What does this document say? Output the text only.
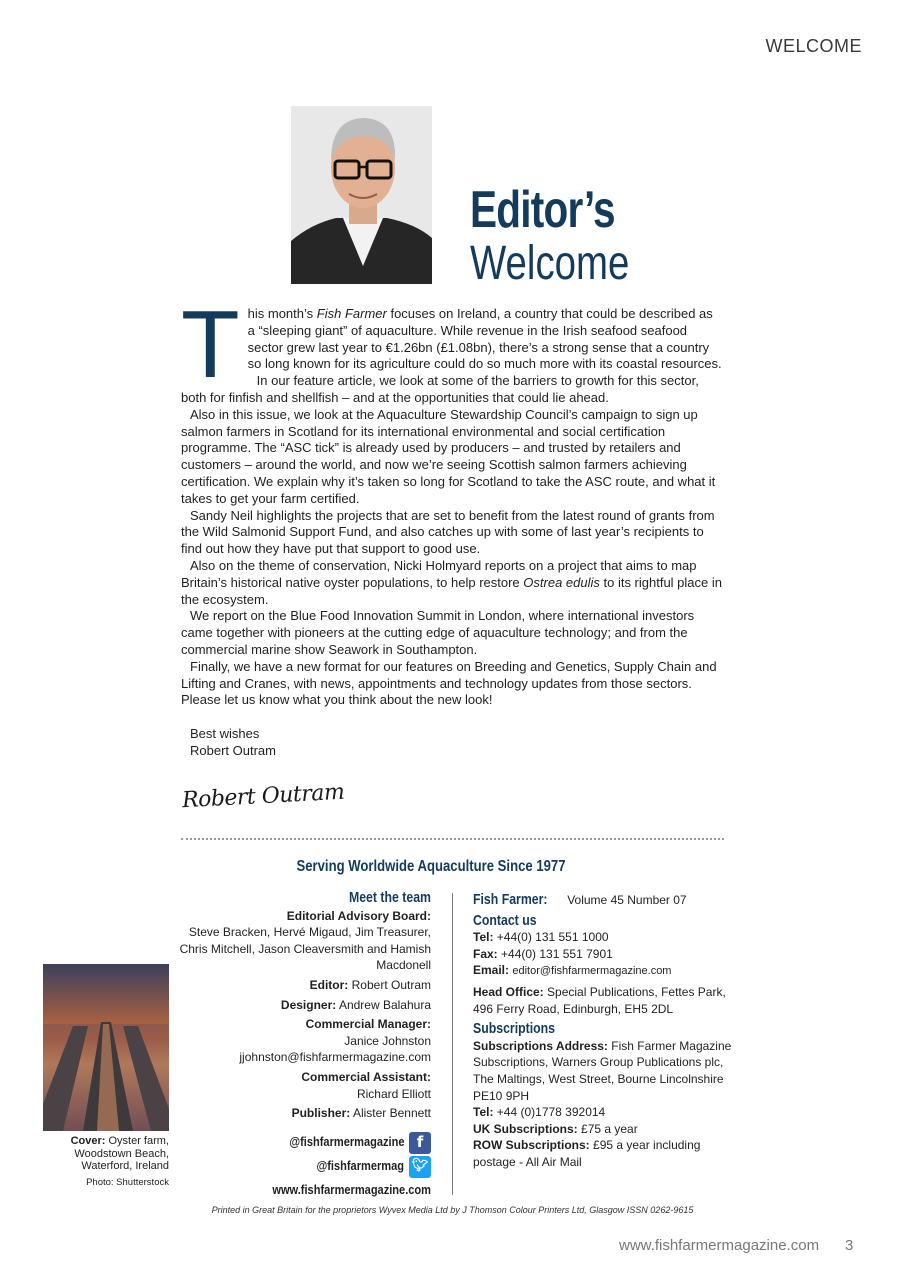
WELCOME
Editor’s
Welcome
T his month’s Fish Farmer focuses on Ireland, a country that could be described as a “sleeping giant” of aquaculture. While revenue in the Irish seafood seafood sector grew last year to €1.26bn (£1.08bn), there’s a strong sense that a country so long known for its agriculture could do so much more with its coastal resources.

In our feature article, we look at some of the barriers to growth for this sector, both for finfish and shellfish – and at the opportunities that could lie ahead.

Also in this issue, we look at the Aquaculture Stewardship Council’s campaign to sign up salmon farmers in Scotland for its international environmental and social certification programme. The “ASC tick” is already used by producers – and trusted by retailers and customers – around the world, and now we’re seeing Scottish salmon farmers achieving certification. We explain why it’s taken so long for Scotland to take the ASC route, and what it takes to get your farm certified.

Sandy Neil highlights the projects that are set to benefit from the latest round of grants from the Wild Salmonid Support Fund, and also catches up with some of last year’s recipients to find out how they have put that support to good use.

Also on the theme of conservation, Nicki Holmyard reports on a project that aims to map Britain’s historical native oyster populations, to help restore Ostrea edulis to its rightful place in the ecosystem.

We report on the Blue Food Innovation Summit in London, where international investors came together with pioneers at the cutting edge of aquaculture technology; and from the commercial marine show Seawork in Southampton.

Finally, we have a new format for our features on Breeding and Genetics, Supply Chain and Lifting and Cranes, with news, appointments and technology updates from those sectors. Please let us know what you think about the new look!

Best wishes

Robert Outram

Robert Outram
Serving Worldwide Aquaculture Since 1977
Meet the team
Editorial Advisory Board:
Steve Bracken, Hervé Migaud, Jim Treasurer, Chris Mitchell, Jason Cleaversmith and Hamish Macdonell
Editor: Robert Outram
Designer: Andrew Balahura
Commercial Manager:
Janice Johnston
jjohnston@fishfarmermagazine.com
Commercial Assistant:
Richard Elliott
Publisher: Alister Bennett
@fishfarmermagazine f
@fishfarmermag 🐦︎
www.fishfarmermagazine.com
Fish Farmer: Volume 45 Number 07
Contact us
Tel: +44(0) 131 551 1000
Fax: +44(0) 131 551 7901
Email: editor@fishfarmermagazine.com
Head Office: Special Publications, Fettes Park, 496 Ferry Road, Edinburgh, EH5 2DL
Subscriptions
Subscriptions Address: Fish Farmer Magazine Subscriptions, Warners Group Publications plc, The Maltings, West Street, Bourne Lincolnshire PE10 9PH
Tel: +44 (0)1778 392014
UK Subscriptions: £75 a year
ROW Subscriptions: £95 a year including postage - All Air Mail
Cover: Oyster farm, Woodstown Beach, Waterford, Ireland
Photo: Shutterstock
Printed in Great Britain for the proprietors Wyvex Media Ltd by J Thomson Colour Printers Ltd, Glasgow ISSN 0262-9615
www.fishfarmermagazine.com 3
